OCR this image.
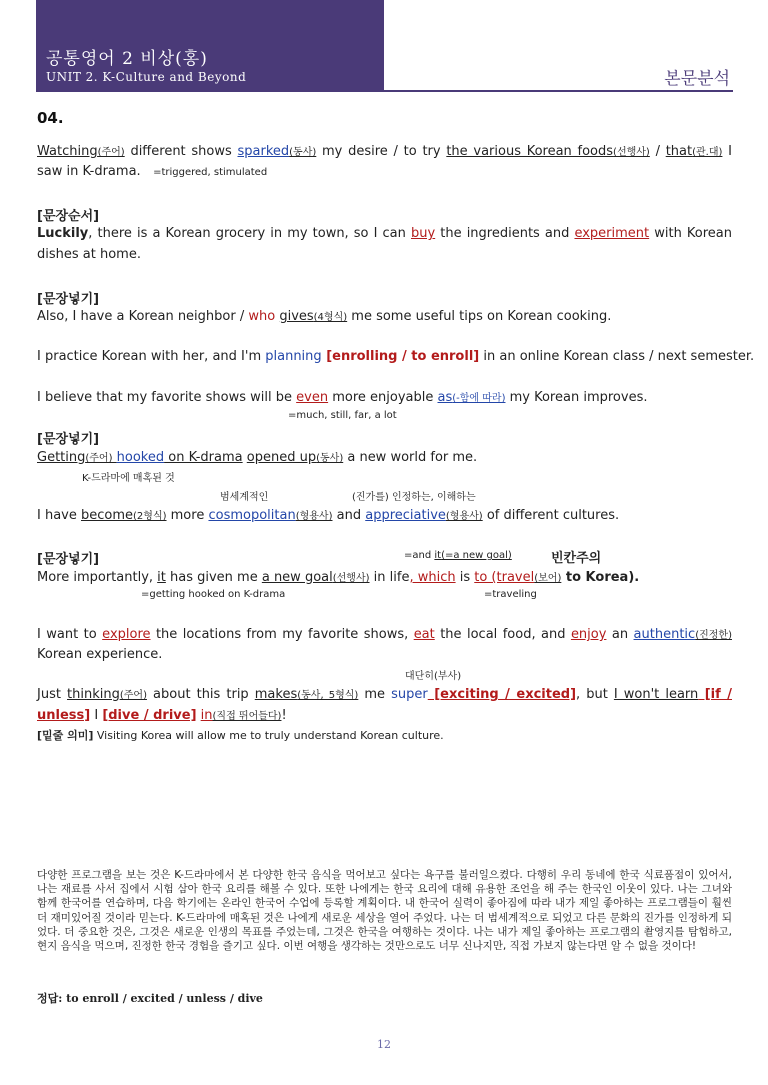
공통영어 2 비상(홍)
UNIT 2. K-Culture and Beyond	본문분석
04.
Watching(주어) different shows sparked(동사) my desire / to try the various Korean foods(선행사) / that(관.대) I
saw in K-drama. =triggered, stimulated
[문장순서]
Luckily, there is a Korean grocery in my town, so I can buy the ingredients and experiment with Korean
dishes at home.
[문장넣기]
Also, I have a Korean neighbor / who gives(4형식) me some useful tips on Korean cooking.
I practice Korean with her, and I'm planning [enrolling / to enroll] in an online Korean class / next semester.
I believe that my favorite shows will be even more enjoyable as(-함에 따라) my Korean improves.
=much, still, far, a lot
[문장넣기]
Getting(주어) hooked on K-drama opened up(동사) a new world for me.
K-드라마에 매혹된 것
범세계적인	(진가를) 인정하는, 이해하는
I have become(2형식) more cosmopolitan(형용사) and appreciative(형용사) of different cultures.
[문장넣기]	=and it(=a new goal)	빈칸주의
More importantly, it has given me a new goal(선행사) in life, which is to (travel(보어) to Korea).
=getting hooked on K-drama	=traveling
I want to explore the locations from my favorite shows, eat the local food, and enjoy an authentic(진정한)
Korean experience.
대단히(부사)
Just thinking(주어) about this trip makes(동사, 5형식) me super [exciting / excited], but I won't learn [if /
unless] I [dive / drive] in(직접 뛰어들다)!
[밑줄 의미] Visiting Korea will allow me to truly understand Korean culture.
다양한 프로그램을 보는 것은 K-드라마에서 본 다양한 한국 음식을 먹어보고 싶다는 욕구를 불러일으켰다. 다행히 우리 동네에 한국 식료품점이 있어서, 나는 재료를 사서 집에서 시험 삼아 한국 요리를 해볼 수 있다. 또한 나에게는 한국 요리에 대해 유용한 조언을 해 주는 한국인 이웃이 있다. 나는 그녀와 함께 한국어를 연습하며, 다음 학기에는 온라인 한국어 수업에 등록할 계획이다. 내 한국어 실력이 좋아짐에 따라 내가 제일 좋아하는 프로그램들이 훨씬 더 재미있어질 것이라 믿는다. K-드라마에 매혹된 것은 나에게 새로운 세상을 열어 주었다. 나는 더 범세계적으로 되었고 다른 문화의 진가를 인정하게 되었다. 더 중요한 것은, 그것은 새로운 인생의 목표를 주었는데, 그것은 한국을 여행하는 것이다. 나는 내가 제일 좋아하는 프로그램의 촬영지를 탐험하고, 현지 음식을 먹으며, 진정한 한국 경험을 즐기고 싶다. 이번 여행을 생각하는 것만으로도 너무 신나지만, 직접 가보지 않는다면 알 수 없을 것이다!
정답: to enroll / excited / unless / dive
12
